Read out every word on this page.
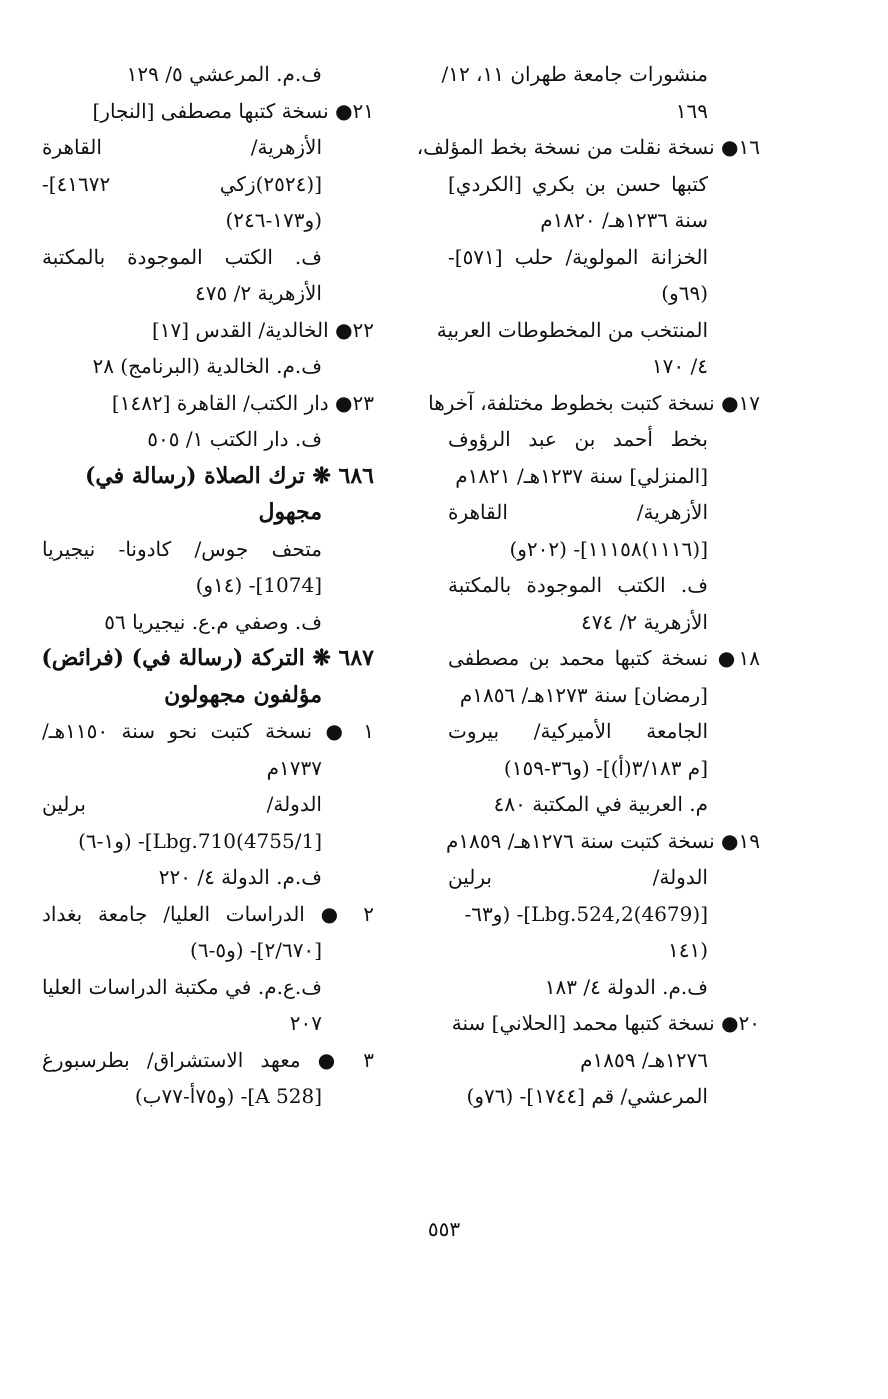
منشورات جامعة طهران ١١، ١٢/
١٦٩
١٦● نسخة نقلت من نسخة بخط المؤلف،
كتبها حسن بن بكري [الكردي]
سنة ١٢٣٦هـ/ ١٨٢٠م
الخزانة المولوية/ حلب [٥٧١]-
(٦٩و)
المنتخب من المخطوطات العربية
٤/ ١٧٠
١٧● نسخة كتبت بخطوط مختلفة، آخرها
بخط أحمد بن عبد الرؤوف
[المنزلي] سنة ١٢٣٧هـ/ ١٨٢١م
الأزهرية/ القاهرة
[(١١١٦)١١١٥٨]- (٢٠٢و)
ف. الكتب الموجودة بالمكتبة
الأزهرية ٢/ ٤٧٤
١٨● نسخة كتبها محمد بن مصطفى
[رمضان] سنة ١٢٧٣هـ/ ١٨٥٦م
الجامعة الأميركية/ بيروت
[م ٣/١٨٣(أ)]- (و٣٦-١٥٩)
م. العربية في المكتبة ٤٨٠
١٩● نسخة كتبت سنة ١٢٧٦هـ/ ١٨٥٩م
الدولة/ برلين
[(4679)Lbg.524,2]- (و٦٣-
(١٤١
ف.م. الدولة ٤/ ١٨٣
٢٠● نسخة كتبها محمد [الحلاني] سنة
١٢٧٦هـ/ ١٨٥٩م
المرعشي/ قم [١٧٤٤]- (٧٦و)
ف.م. المرعشي ٥/ ١٢٩
٢١● نسخة كتبها مصطفى [النجار]
الأزهرية/ القاهرة
[(٢٥٢٤)زكي ٤١٦٧٢]-
(و١٧٣-٢٤٦)
ف. الكتب الموجودة بالمكتبة
الأزهرية ٢/ ٤٧٥
٢٢● الخالدية/ القدس [١٧]
ف.م. الخالدية (البرنامج) ٢٨
٢٣● دار الكتب/ القاهرة [١٤٨٢]
ف. دار الكتب ١/ ٥٠٥
٦٨٦ ❋ ترك الصلاة (رسالة في)
مجهول
متحف جوس/ كادونا- نيجيريا
[1074]- (١٤و)
ف. وصفي م.ع. نيجيريا ٥٦
٦٨٧ ❋ التركة (رسالة في) (فرائض)
مؤلفون مجهولون
١ ● نسخة كتبت نحو سنة ١١٥٠هـ/
١٧٣٧م
الدولة/ برلين
[4755/1)Lbg.710]- (و١-٦)
ف.م. الدولة ٤/ ٢٢٠
٢ ● الدراسات العليا/ جامعة بغداد
[٢/٦٧٠]- (و٥-٦)
ف.ع.م. في مكتبة الدراسات العليا
٢٠٧
٣ ● معهد الاستشراق/ بطرسبورغ
[A 528]- (و٧٥أ-٧٧ب)
٥٥٣
